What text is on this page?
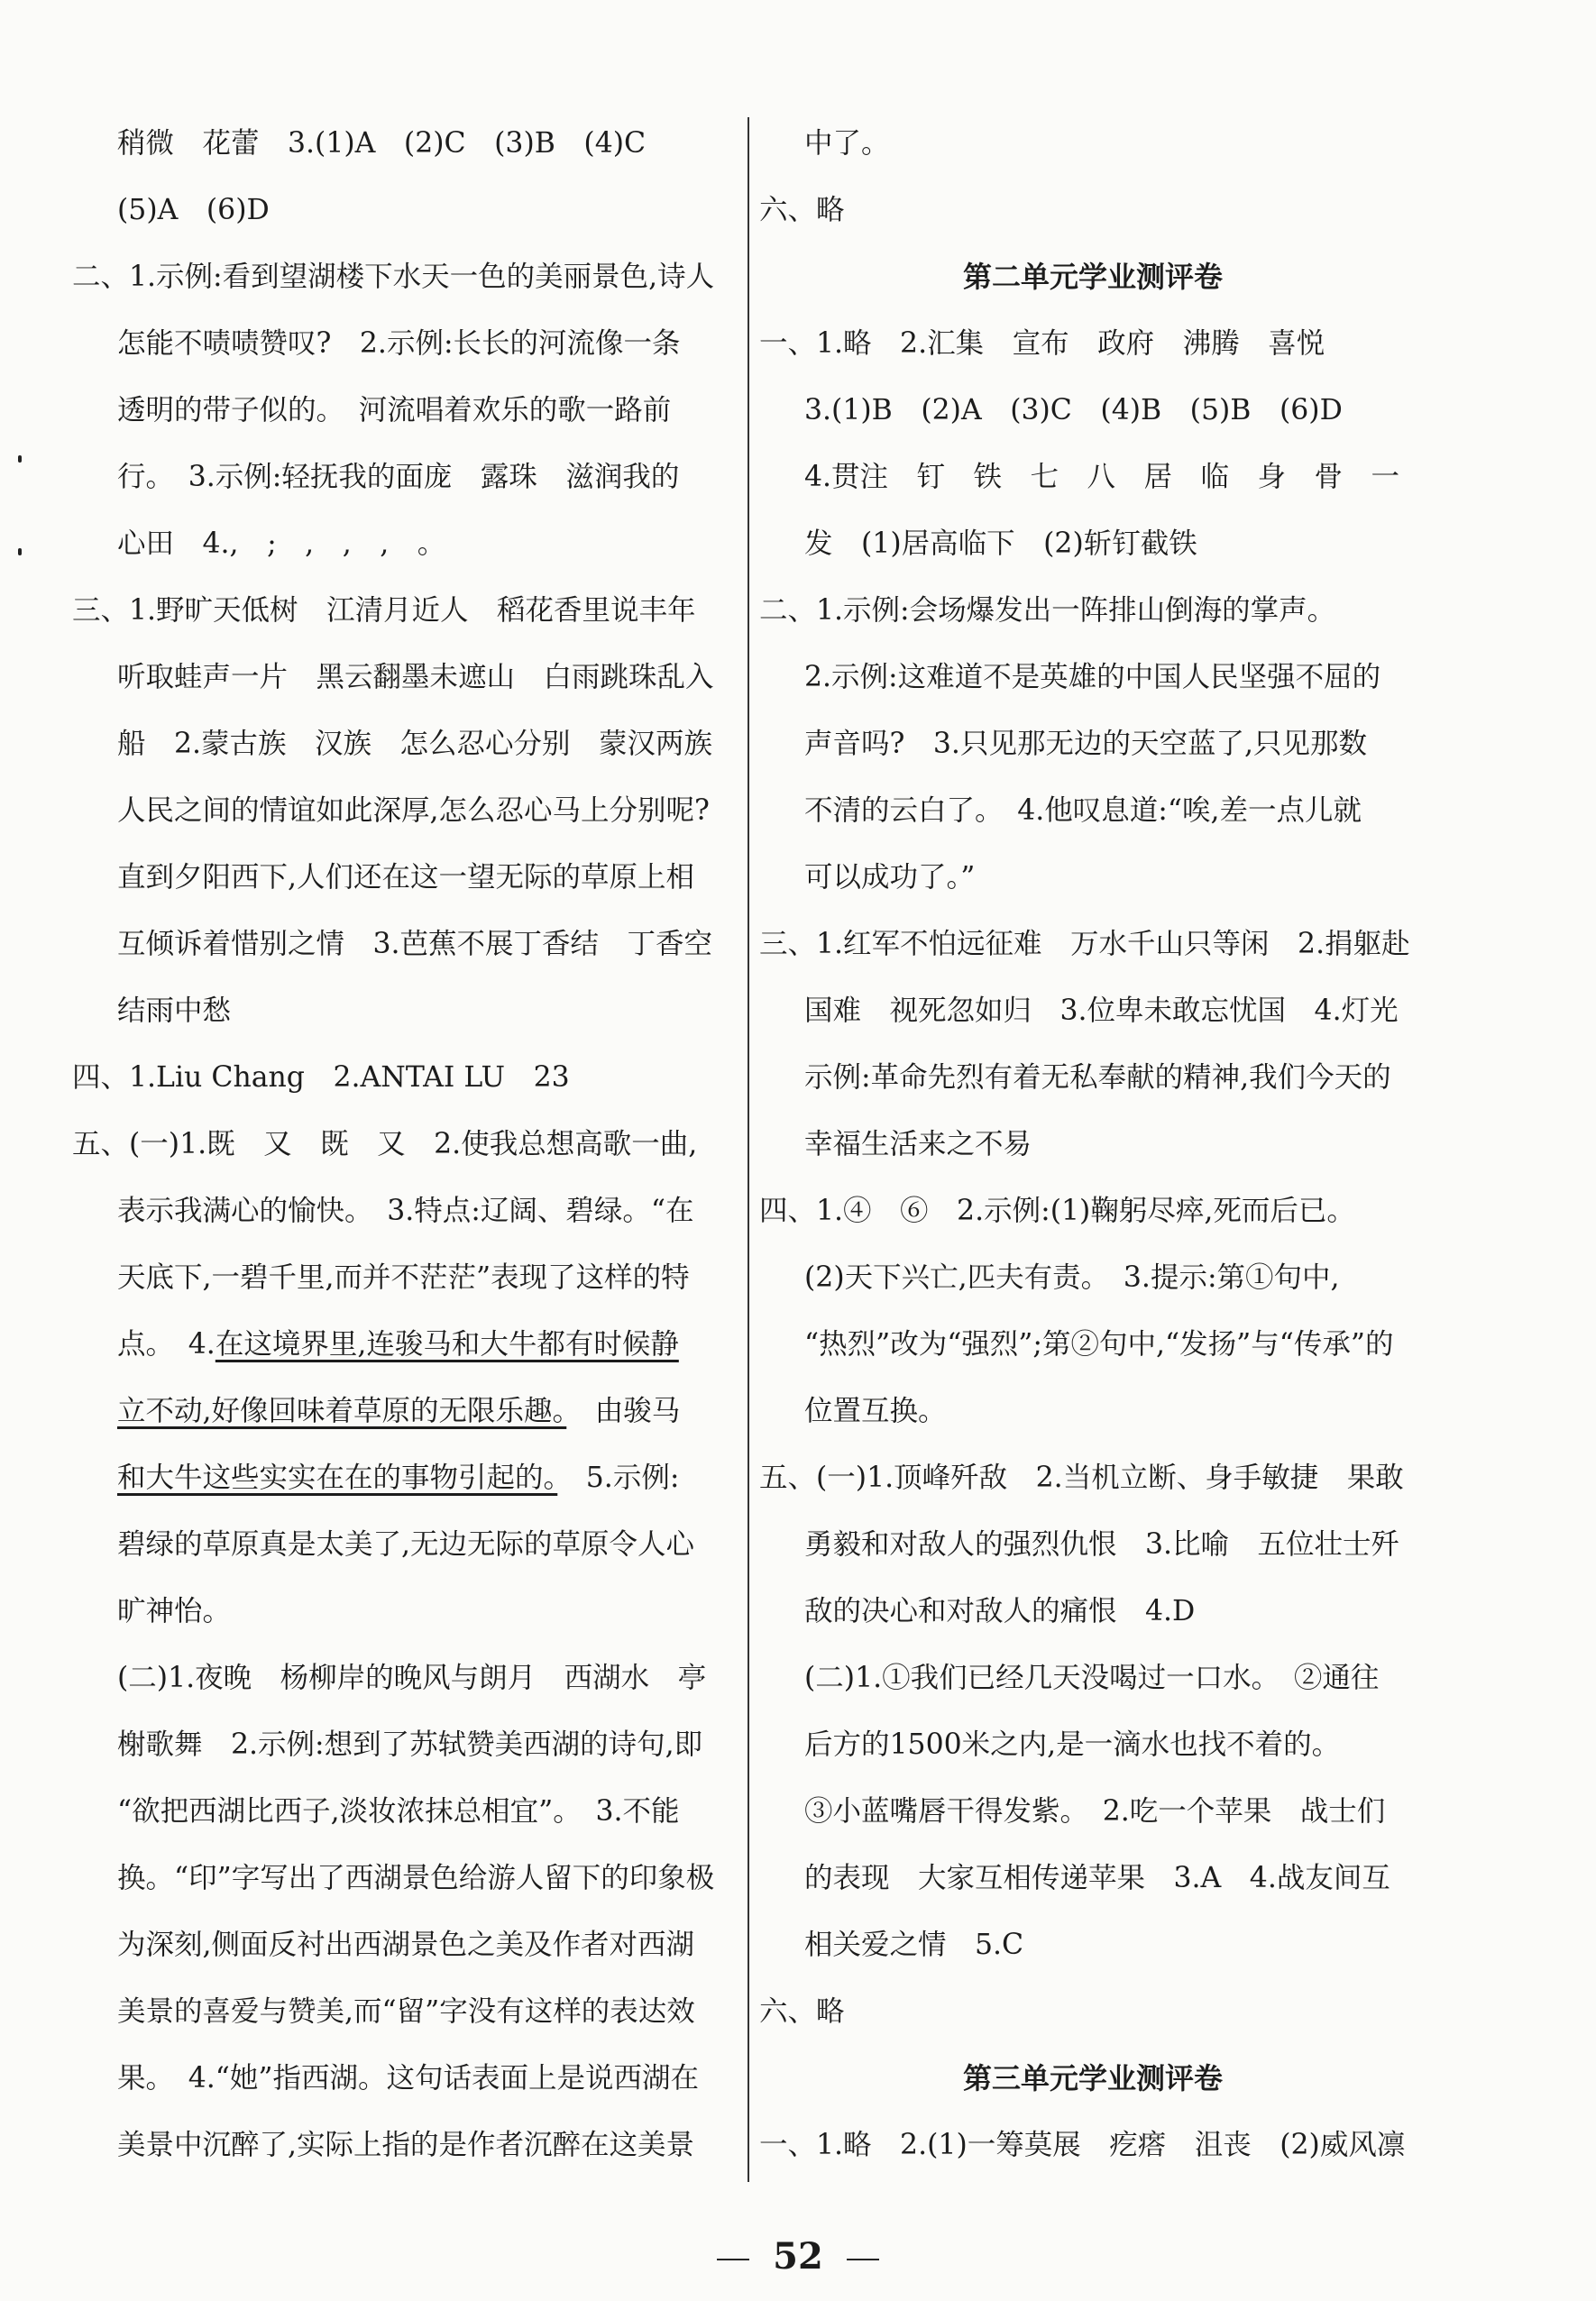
稍微　花蕾　3.(1)A　(2)C　(3)B　(4)C
(5)A　(6)D
二、1.示例:看到望湖楼下水天一色的美丽景色,诗人
怎能不啧啧赞叹?　2.示例:长长的河流像一条
透明的带子似的。　河流唱着欢乐的歌一路前
行。　3.示例:轻抚我的面庞　露珠　滋润我的
心田　4.,　;　,　,　,　。
三、1.野旷天低树　江清月近人　稻花香里说丰年
听取蛙声一片　黑云翻墨未遮山　白雨跳珠乱入
船　2.蒙古族　汉族　怎么忍心分别　蒙汉两族
人民之间的情谊如此深厚,怎么忍心马上分别呢?
直到夕阳西下,人们还在这一望无际的草原上相
互倾诉着惜别之情　3.芭蕉不展丁香结　丁香空
结雨中愁
四、1.Liu Chang　2.ANTAI LU　23
五、(一)1.既　又　既　又　2.使我总想高歌一曲,
表示我满心的愉快。　3.特点:辽阔、碧绿。“在
天底下,一碧千里,而并不茫茫”表现了这样的特
点。　4.在这境界里,连骏马和大牛都有时候静
立不动,好像回味着草原的无限乐趣。　由骏马
和大牛这些实实在在的事物引起的。　5.示例:
碧绿的草原真是太美了,无边无际的草原令人心
旷神怡。
(二)1.夜晚　杨柳岸的晚风与朗月　西湖水　亭
榭歌舞　2.示例:想到了苏轼赞美西湖的诗句,即
“欲把西湖比西子,淡妆浓抹总相宜”。　3.不能
换。“印”字写出了西湖景色给游人留下的印象极
为深刻,侧面反衬出西湖景色之美及作者对西湖
美景的喜爱与赞美,而“留”字没有这样的表达效
果。　4.“她”指西湖。这句话表面上是说西湖在
美景中沉醉了,实际上指的是作者沉醉在这美景
中了。
六、略
第二单元学业测评卷
一、1.略　2.汇集　宣布　政府　沸腾　喜悦
3.(1)B　(2)A　(3)C　(4)B　(5)B　(6)D
4.贯注　钉　铁　七　八　居　临　身　骨　一
发　(1)居高临下　(2)斩钉截铁
二、1.示例:会场爆发出一阵排山倒海的掌声。
2.示例:这难道不是英雄的中国人民坚强不屈的
声音吗?　3.只见那无边的天空蓝了,只见那数
不清的云白了。　4.他叹息道:“唉,差一点儿就
可以成功了。”
三、1.红军不怕远征难　万水千山只等闲　2.捐躯赴
国难　视死忽如归　3.位卑未敢忘忧国　4.灯光
示例:革命先烈有着无私奉献的精神,我们今天的
幸福生活来之不易
四、1.④　⑥　2.示例:(1)鞠躬尽瘁,死而后已。
(2)天下兴亡,匹夫有责。　3.提示:第①句中,
“热烈”改为“强烈”;第②句中,“发扬”与“传承”的
位置互换。
五、(一)1.顶峰歼敌　2.当机立断、身手敏捷　果敢
勇毅和对敌人的强烈仇恨　3.比喻　五位壮士歼
敌的决心和对敌人的痛恨　4.D
(二)1.①我们已经几天没喝过一口水。　②通往
后方的1500米之内,是一滴水也找不着的。
③小蓝嘴唇干得发紫。　2.吃一个苹果　战士们
的表现　大家互相传递苹果　3.A　4.战友间互
相关爱之情　5.C
六、略
第三单元学业测评卷
一、1.略　2.(1)一筹莫展　疙瘩　沮丧　(2)威风凛
52
